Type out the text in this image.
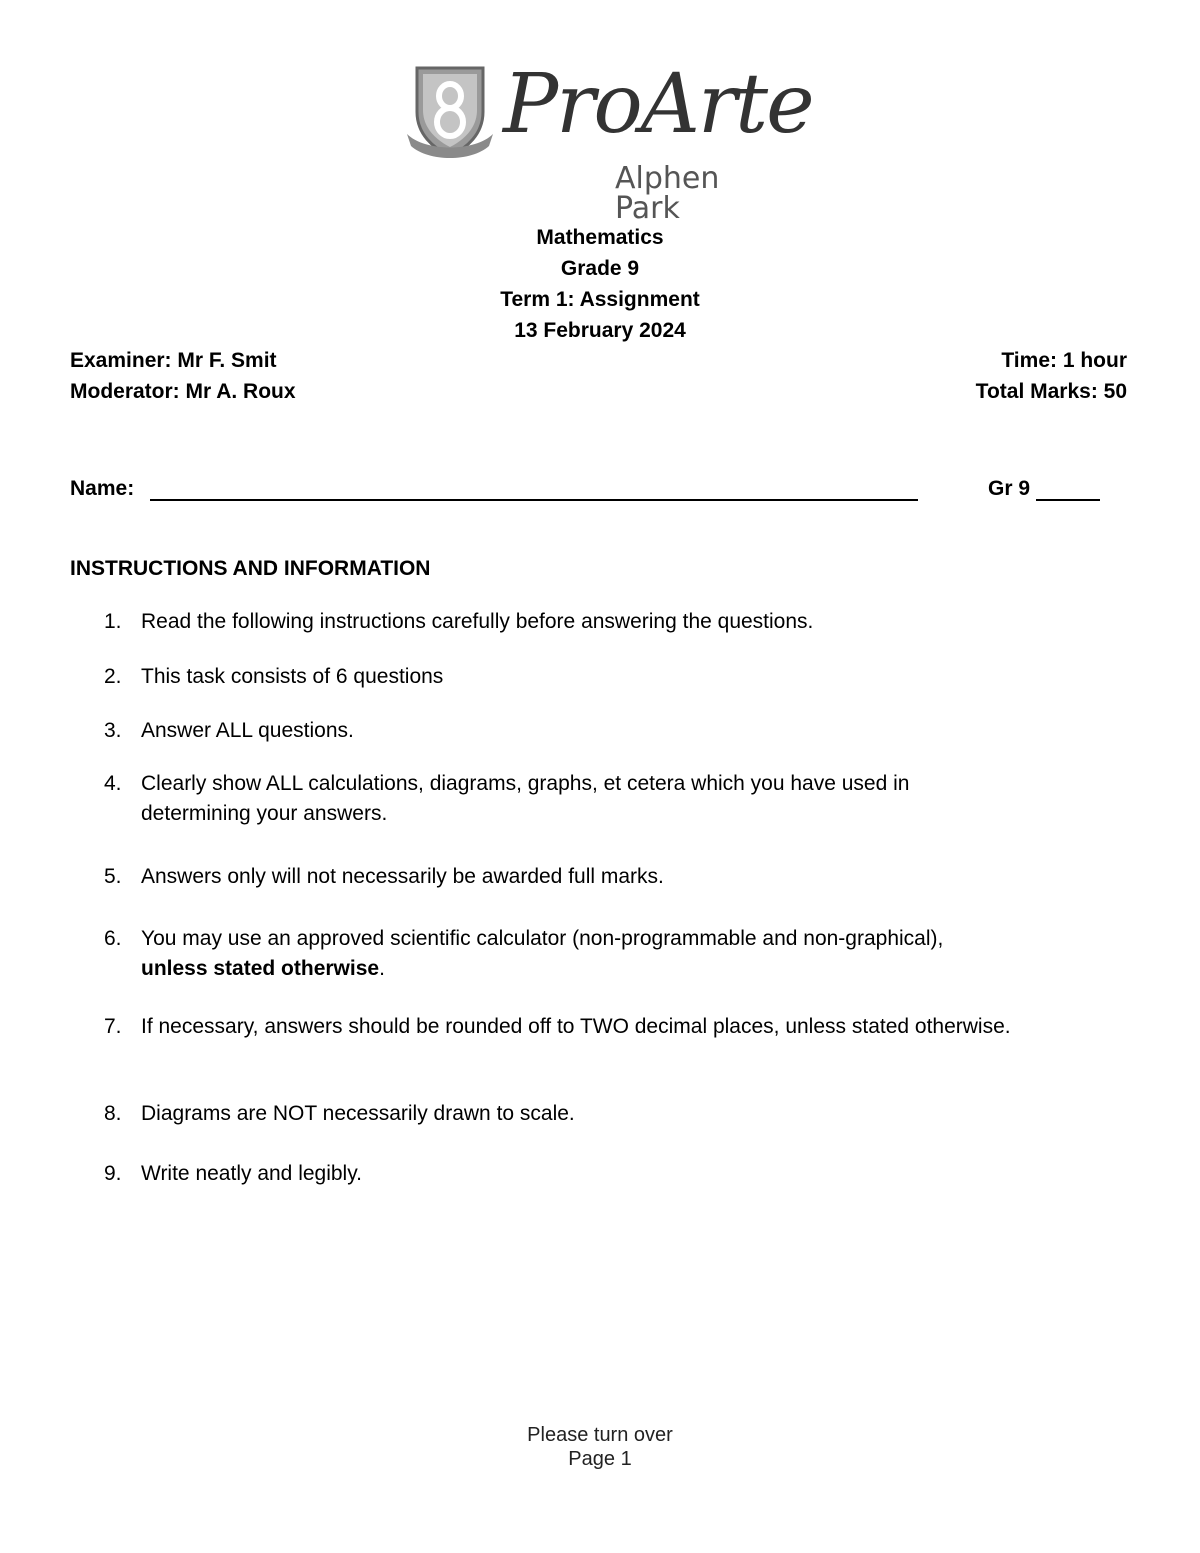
ProArte
Alphen Park
Mathematics
Grade 9
Term 1: Assignment
13 February 2024
Examiner: Mr F. Smit	Time: 1 hour
Moderator: Mr A. Roux	Total Marks: 50
Name:	Gr 9
INSTRUCTIONS AND INFORMATION
1. Read the following instructions carefully before answering the questions.
2. This task consists of 6 questions
3. Answer ALL questions.
4. Clearly show ALL calculations, diagrams, graphs, et cetera which you have used in determining your answers.
5. Answers only will not necessarily be awarded full marks.
6. You may use an approved scientific calculator (non-programmable and non-graphical),
unless stated otherwise.
7. If necessary, answers should be rounded off to TWO decimal places, unless stated otherwise.
8. Diagrams are NOT necessarily drawn to scale.
9. Write neatly and legibly.
Please turn over
Page 1
